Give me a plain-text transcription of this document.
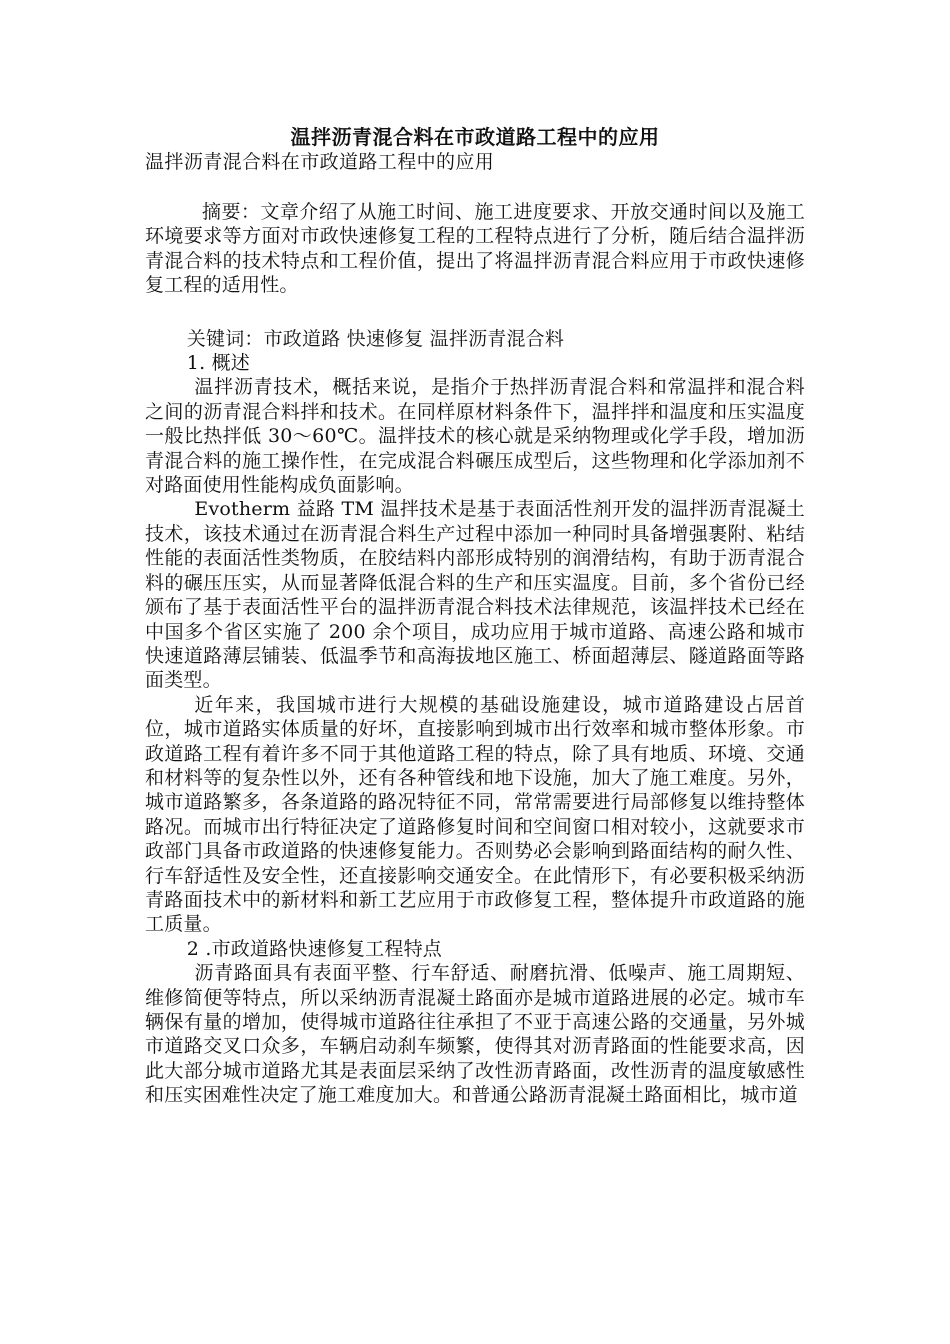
温拌沥青混合料在市政道路工程中的应用
温拌沥青混合料在市政道路工程中的应用

摘要：文章介绍了从施工时间、施工进度要求、开放交通时间以及施工环境要求等方面对市政快速修复工程的工程特点进行了分析，随后结合温拌沥青混合料的技术特点和工程价值，提出了将温拌沥青混合料应用于市政快速修复工程的适用性。

关键词：市政道路 快速修复 温拌沥青混合料

1. 概述

温拌沥青技术，概括来说，是指介于热拌沥青混合料和常温拌和混合料之间的沥青混合料拌和技术。在同样原材料条件下，温拌拌和温度和压实温度一般比热拌低 30～60℃。温拌技术的核心就是采纳物理或化学手段，增加沥青混合料的施工操作性，在完成混合料碾压成型后，这些物理和化学添加剂不对路面使用性能构成负面影响。

Evotherm 益路 TM 温拌技术是基于表面活性剂开发的温拌沥青混凝土技术，该技术通过在沥青混合料生产过程中添加一种同时具备增强裹附、粘结性能的表面活性类物质，在胶结料内部形成特别的润滑结构，有助于沥青混合料的碾压压实，从而显著降低混合料的生产和压实温度。目前，多个省份已经颁布了基于表面活性平台的温拌沥青混合料技术法律规范，该温拌技术已经在中国多个省区实施了 200 余个项目，成功应用于城市道路、高速公路和城市快速道路薄层铺装、低温季节和高海拔地区施工、桥面超薄层、隧道路面等路面类型。

近年来，我国城市进行大规模的基础设施建设，城市道路建设占居首位，城市道路实体质量的好坏，直接影响到城市出行效率和城市整体形象。市政道路工程有着许多不同于其他道路工程的特点，除了具有地质、环境、交通和材料等的复杂性以外，还有各种管线和地下设施，加大了施工难度。另外，城市道路繁多，各条道路的路况特征不同，常常需要进行局部修复以维持整体路况。而城市出行特征决定了道路修复时间和空间窗口相对较小，这就要求市政部门具备市政道路的快速修复能力。否则势必会影响到路面结构的耐久性、行车舒适性及安全性，还直接影响交通安全。在此情形下，有必要积极采纳沥青路面技术中的新材料和新工艺应用于市政修复工程，整体提升市政道路的施工质量。

2 .市政道路快速修复工程特点

沥青路面具有表面平整、行车舒适、耐磨抗滑、低噪声、施工周期短、维修简便等特点，所以采纳沥青混凝土路面亦是城市道路进展的必定。城市车辆保有量的增加，使得城市道路往往承担了不亚于高速公路的交通量，另外城市道路交叉口众多，车辆启动刹车频繁，使得其对沥青路面的性能要求高，因此大部分城市道路尤其是表面层采纳了改性沥青路面，改性沥青的温度敏感性和压实困难性决定了施工难度加大。和普通公路沥青混凝土路面相比，城市道
